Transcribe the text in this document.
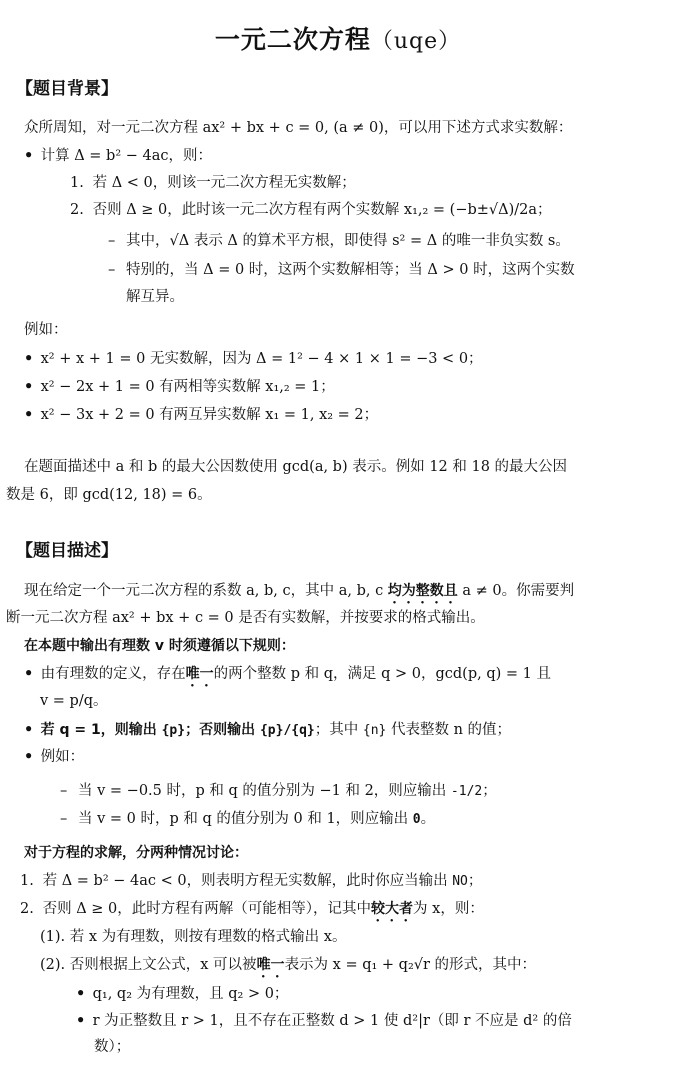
一元二次方程（uqe）
【题目背景】
众所周知，对一元二次方程 ax² + bx + c = 0, (a ≠ 0)，可以用下述方式求实数解：
• 计算 Δ = b² − 4ac，则：
1. 若 Δ < 0，则该一元二次方程无实数解；
2. 否则 Δ ≥ 0，此时该一元二次方程有两个实数解 x₁,₂ = (−b±√Δ)/2a；
– 其中，√Δ 表示 Δ 的算术平方根，即使得 s² = Δ 的唯一非负实数 s。
– 特别的，当 Δ = 0 时，这两个实数解相等；当 Δ > 0 时，这两个实数
解互异。
例如：
• x² + x + 1 = 0 无实数解，因为 Δ = 1² − 4 × 1 × 1 = −3 < 0；
• x² − 2x + 1 = 0 有两相等实数解 x₁,₂ = 1；
• x² − 3x + 2 = 0 有两互异实数解 x₁ = 1, x₂ = 2；
在题面描述中 a 和 b 的最大公因数使用 gcd(a, b) 表示。例如 12 和 18 的最大公因
数是 6，即 gcd(12, 18) = 6。
【题目描述】
现在给定一个一元二次方程的系数 a, b, c，其中 a, b, c 均为整数且 a ≠ 0。你需要判
断一元二次方程 ax² + bx + c = 0 是否有实数解，并按要求的格式输出。
在本题中输出有理数 v 时须遵循以下规则：
• 由有理数的定义，存在唯一的两个整数 p 和 q，满足 q > 0，gcd(p, q) = 1 且
v = p/q。
• 若 q = 1，则输出 {p}；否则输出 {p}/{q}；其中 {n} 代表整数 n 的值；
• 例如：
– 当 v = −0.5 时，p 和 q 的值分别为 −1 和 2，则应输出 -1/2；
– 当 v = 0 时，p 和 q 的值分别为 0 和 1，则应输出 0。
对于方程的求解，分两种情况讨论：
1. 若 Δ = b² − 4ac < 0，则表明方程无实数解，此时你应当输出 NO；
2. 否则 Δ ≥ 0，此时方程有两解（可能相等），记其中较大者为 x，则：
(1). 若 x 为有理数，则按有理数的格式输出 x。
(2). 否则根据上文公式，x 可以被唯一表示为 x = q₁ + q₂√r 的形式，其中：
• q₁, q₂ 为有理数，且 q₂ > 0；
• r 为正整数且 r > 1，且不存在正整数 d > 1 使 d²|r（即 r 不应是 d² 的倍
数）；
